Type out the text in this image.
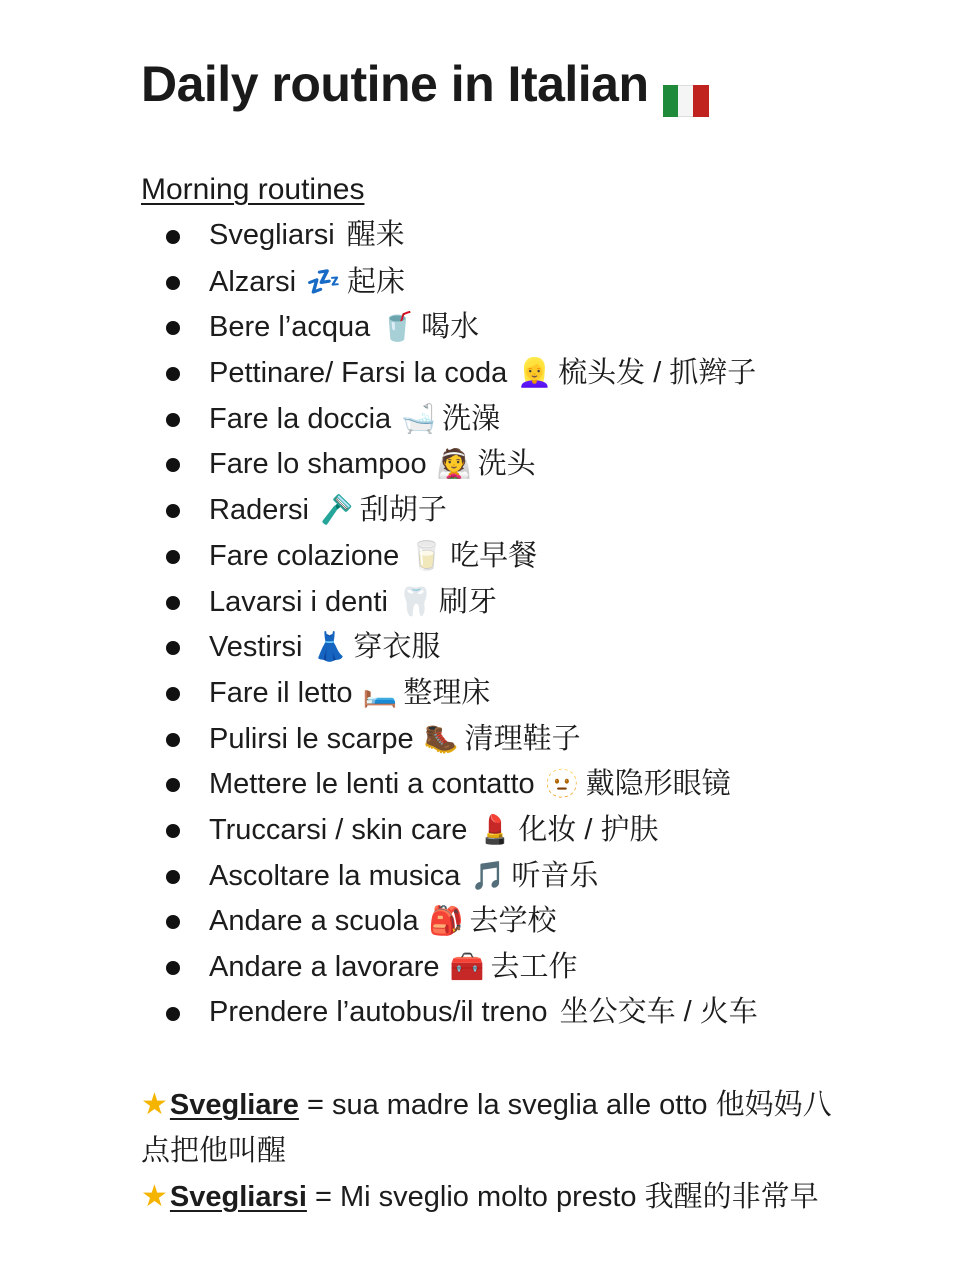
Daily routine in Italian
Morning routines
Svegliarsi 醒来
Alzarsi 💤 起床
Bere l’acqua 🥤 喝水
Pettinare/ Farsi la coda 👱‍♀️ 梳头发 / 抓辫子
Fare la doccia 🛁 洗澡
Fare lo shampoo 👰 洗头
Radersi 🪒 刮胡子
Fare colazione 🥛 吃早餐
Lavarsi i denti 🦷 刷牙
Vestirsi 👗 穿衣服
Fare il letto 🛏️ 整理床
Pulirsi le scarpe 🥾 清理鞋子
Mettere le lenti a contatto 🫥 戴隐形眼镜
Truccarsi / skin care 💄 化妆 / 护肤
Ascoltare la musica 🎵 听音乐
Andare a scuola 🎒 去学校
Andare a lavorare 🧰 去工作
Prendere l’autobus/il treno 坐公交车 / 火车

★Svegliare = sua madre la sveglia alle otto 他妈妈八点把他叫醒

★Svegliarsi = Mi sveglio molto presto 我醒的非常早
